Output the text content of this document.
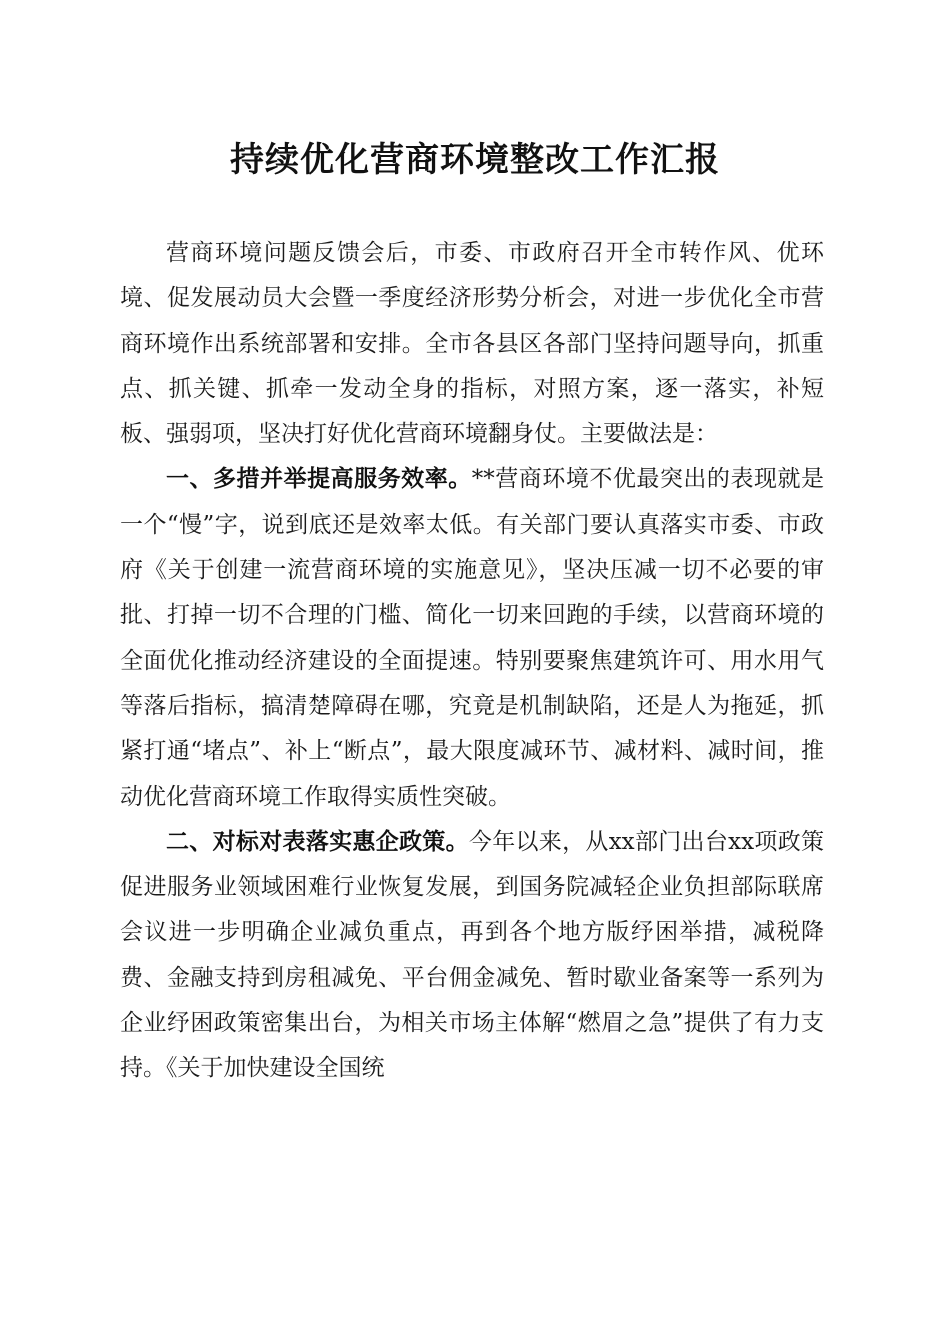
持续优化营商环境整改工作汇报

营商环境问题反馈会后，市委、市政府召开全市转作风、优环境、促发展动员大会暨一季度经济形势分析会，对进一步优化全市营商环境作出系统部署和安排。全市各县区各部门坚持问题导向，抓重点、抓关键、抓牵一发动全身的指标，对照方案，逐一落实，补短板、强弱项，坚决打好优化营商环境翻身仗。主要做法是：

一、多措并举提高服务效率。**营商环境不优最突出的表现就是一个“慢”字，说到底还是效率太低。有关部门要认真落实市委、市政府《关于创建一流营商环境的实施意见》，坚决压减一切不必要的审批、打掉一切不合理的门槛、简化一切来回跑的手续，以营商环境的全面优化推动经济建设的全面提速。特别要聚焦建筑许可、用水用气等落后指标，搞清楚障碍在哪，究竟是机制缺陷，还是人为拖延，抓紧打通“堵点”、补上“断点”，最大限度减环节、减材料、减时间，推动优化营商环境工作取得实质性突破。

二、对标对表落实惠企政策。今年以来，从xx部门出台xx项政策促进服务业领域困难行业恢复发展，到国务院减轻企业负担部际联席会议进一步明确企业减负重点，再到各个地方版纾困举措，减税降费、金融支持到房租减免、平台佣金减免、暂时歇业备案等一系列为企业纾困政策密集出台，为相关市场主体解“燃眉之急”提供了有力支持。《关于加快建设全国统
